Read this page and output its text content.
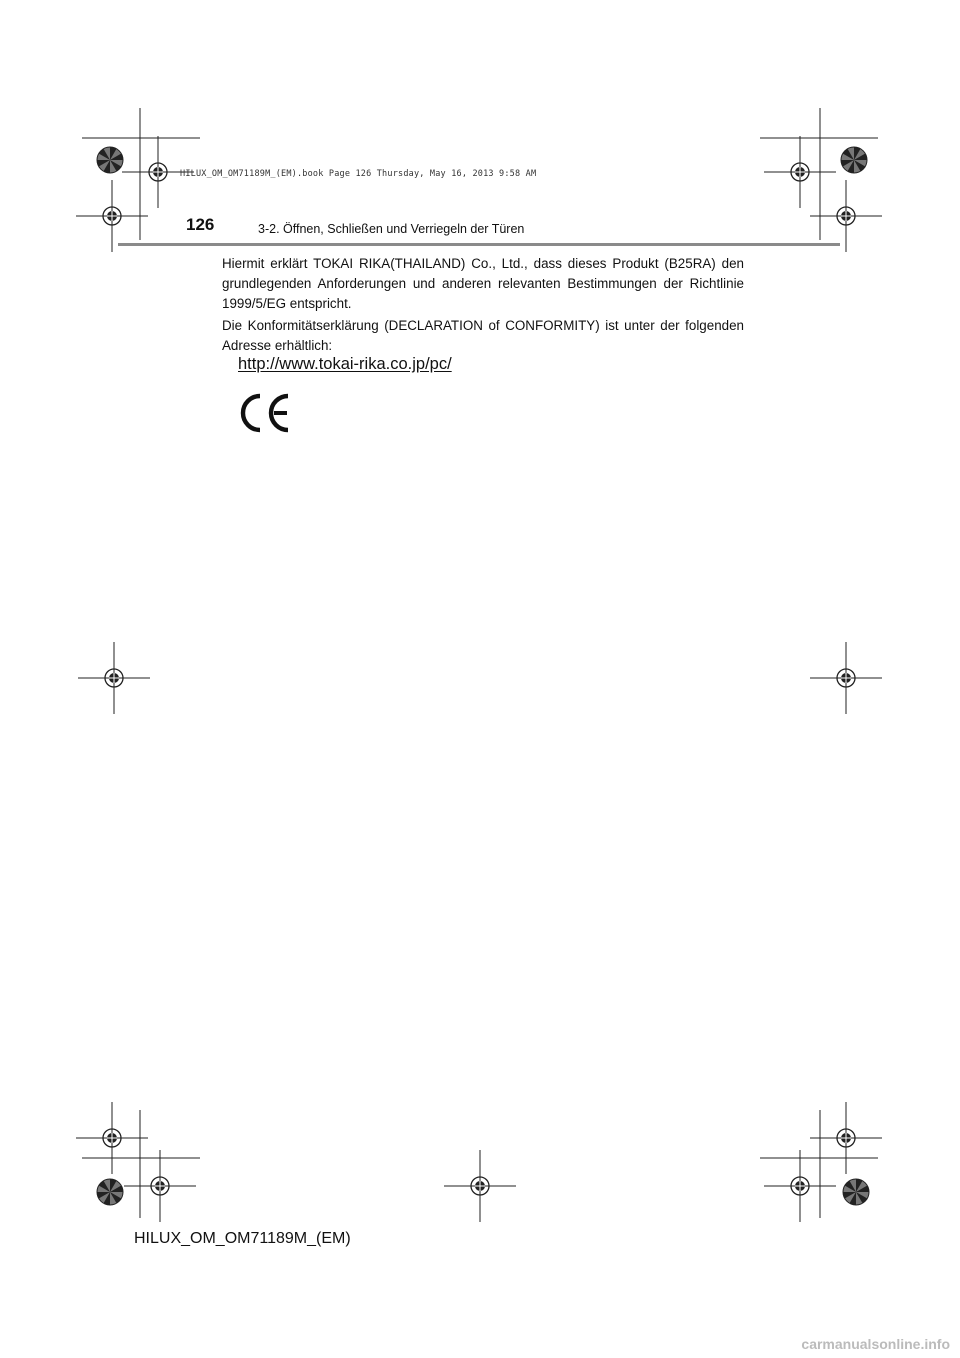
HILUX_OM_OM71189M_(EM).book Page 126 Thursday, May 16, 2013 9:58 AM
126	3-2. Öffnen, Schließen und Verriegeln der Türen

Hiermit erklärt TOKAI RIKA(THAILAND) Co., Ltd., dass dieses Produkt (B25RA) den grundlegenden Anforderungen und anderen relevanten Bestimmungen der Richtlinie 1999/5/EG entspricht.

Die Konformitätserklärung (DECLARATION of CONFORMITY) ist unter der folgenden Adresse erhältlich:

http://www.tokai-rika.co.jp/pc/
HILUX_OM_OM71189M_(EM)
carmanualsonline.info
